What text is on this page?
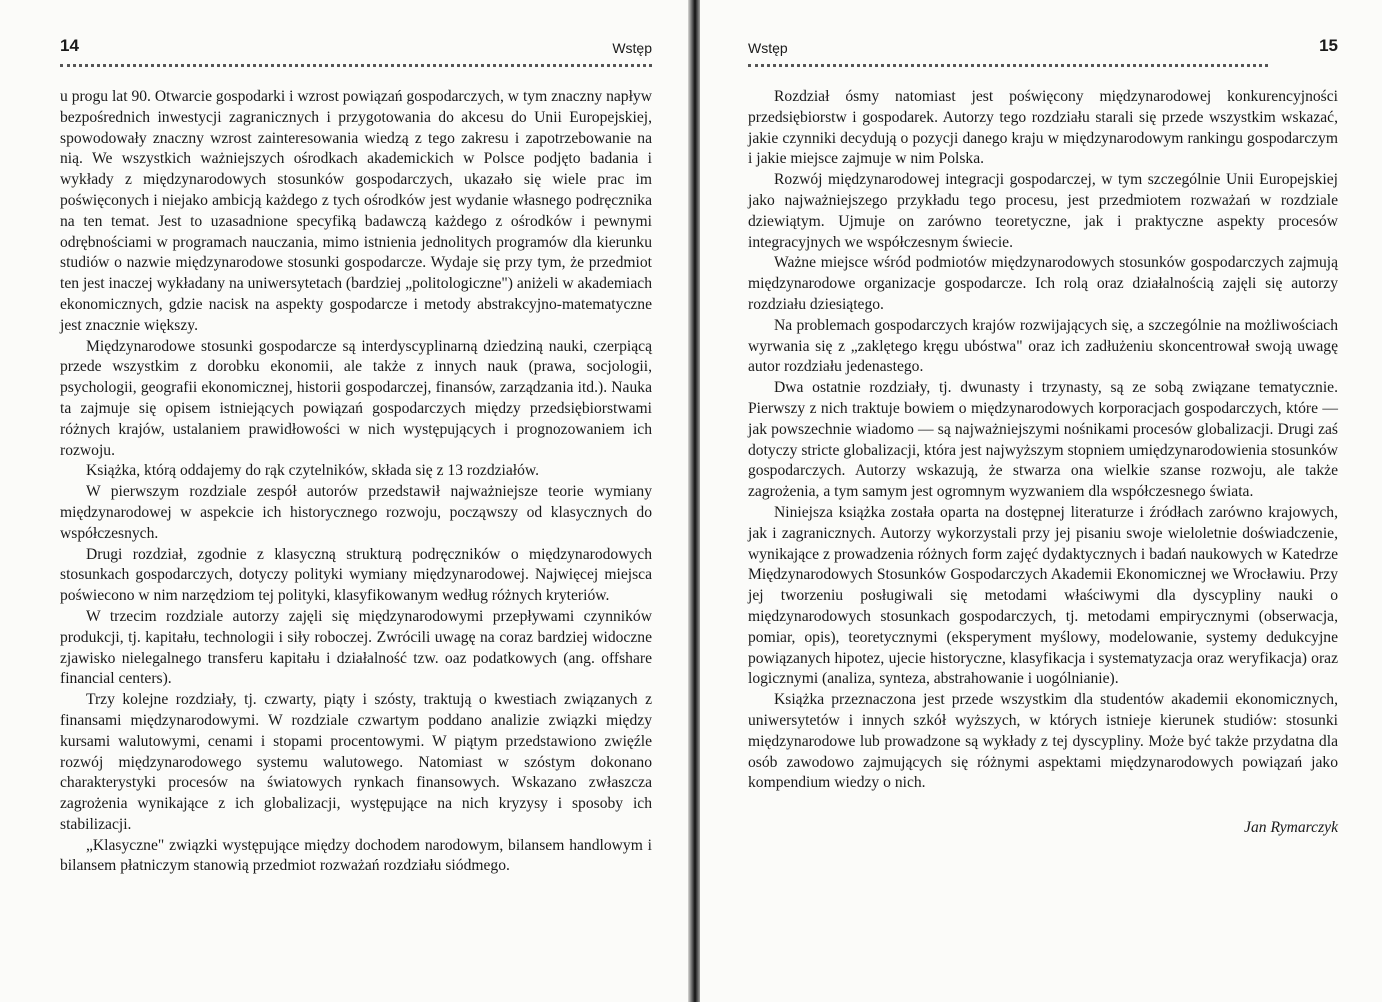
14	Wstęp

u progu lat 90. Otwarcie gospodarki i wzrost powiązań gospodarczych, w tym znaczny napływ bezpośrednich inwestycji zagranicznych i przygotowania do akcesu do Unii Europejskiej, spowodowały znaczny wzrost zainteresowania wiedzą z tego zakresu i zapotrzebowanie na nią. We wszystkich ważniejszych ośrodkach akademickich w Polsce podjęto badania i wykłady z międzynarodowych stosunków gospodarczych, ukazało się wiele prac im poświęconych i niejako ambicją każdego z tych ośrodków jest wydanie własnego podręcznika na ten temat. Jest to uzasadnione specyfiką badawczą każdego z ośrodków i pewnymi odrębnościami w programach nauczania, mimo istnienia jednolitych programów dla kierunku studiów o nazwie międzynarodowe stosunki gospodarcze. Wydaje się przy tym, że przedmiot ten jest inaczej wykładany na uniwersytetach (bardziej „politologiczne") aniżeli w akademiach ekonomicznych, gdzie nacisk na aspekty gospodarcze i metody abstrakcyjno-matematyczne jest znacznie większy.

Międzynarodowe stosunki gospodarcze są interdyscyplinarną dziedziną nauki, czerpiącą przede wszystkim z dorobku ekonomii, ale także z innych nauk (prawa, socjologii, psychologii, geografii ekonomicznej, historii gospodarczej, finansów, zarządzania itd.). Nauka ta zajmuje się opisem istniejących powiązań gospodarczych między przedsiębiorstwami różnych krajów, ustalaniem prawidłowości w nich występujących i prognozowaniem ich rozwoju.

Książka, którą oddajemy do rąk czytelników, składa się z 13 rozdziałów.

W pierwszym rozdziale zespół autorów przedstawił najważniejsze teorie wymiany międzynarodowej w aspekcie ich historycznego rozwoju, począwszy od klasycznych do współczesnych.

Drugi rozdział, zgodnie z klasyczną strukturą podręczników o międzynarodowych stosunkach gospodarczych, dotyczy polityki wymiany międzynarodowej. Najwięcej miejsca poświecono w nim narzędziom tej polityki, klasyfikowanym według różnych kryteriów.

W trzecim rozdziale autorzy zajęli się międzynarodowymi przepływami czynników produkcji, tj. kapitału, technologii i siły roboczej. Zwrócili uwagę na coraz bardziej widoczne zjawisko nielegalnego transferu kapitału i działalność tzw. oaz podatkowych (ang. offshare financial centers).

Trzy kolejne rozdziały, tj. czwarty, piąty i szósty, traktują o kwestiach związanych z finansami międzynarodowymi. W rozdziale czwartym poddano analizie związki między kursami walutowymi, cenami i stopami procentowymi. W piątym przedstawiono zwięźle rozwój międzynarodowego systemu walutowego. Natomiast w szóstym dokonano charakterystyki procesów na światowych rynkach finansowych. Wskazano zwłaszcza zagrożenia wynikające z ich globalizacji, występujące na nich kryzysy i sposoby ich stabilizacji.

„Klasyczne" związki występujące między dochodem narodowym, bilansem handlowym i bilansem płatniczym stanowią przedmiot rozważań rozdziału siódmego.

Wstęp	15

Rozdział ósmy natomiast jest poświęcony międzynarodowej konkurencyjności przedsiębiorstw i gospodarek. Autorzy tego rozdziału starali się przede wszystkim wskazać, jakie czynniki decydują o pozycji danego kraju w międzynarodowym rankingu gospodarczym i jakie miejsce zajmuje w nim Polska.

Rozwój międzynarodowej integracji gospodarczej, w tym szczególnie Unii Europejskiej jako najważniejszego przykładu tego procesu, jest przedmiotem rozważań w rozdziale dziewiątym. Ujmuje on zarówno teoretyczne, jak i praktyczne aspekty procesów integracyjnych we współczesnym świecie.

Ważne miejsce wśród podmiotów międzynarodowych stosunków gospodarczych zajmują międzynarodowe organizacje gospodarcze. Ich rolą oraz działalnością zajęli się autorzy rozdziału dziesiątego.

Na problemach gospodarczych krajów rozwijających się, a szczególnie na możliwościach wyrwania się z „zaklętego kręgu ubóstwa" oraz ich zadłużeniu skoncentrował swoją uwagę autor rozdziału jedenastego.

Dwa ostatnie rozdziały, tj. dwunasty i trzynasty, są ze sobą związane tematycznie. Pierwszy z nich traktuje bowiem o międzynarodowych korporacjach gospodarczych, które — jak powszechnie wiadomo — są najważniejszymi nośnikami procesów globalizacji. Drugi zaś dotyczy stricte globalizacji, która jest najwyższym stopniem umiędzynarodowienia stosunków gospodarczych. Autorzy wskazują, że stwarza ona wielkie szanse rozwoju, ale także zagrożenia, a tym samym jest ogromnym wyzwaniem dla współczesnego świata.

Niniejsza książka została oparta na dostępnej literaturze i źródłach zarówno krajowych, jak i zagranicznych. Autorzy wykorzystali przy jej pisaniu swoje wieloletnie doświadczenie, wynikające z prowadzenia różnych form zajęć dydaktycznych i badań naukowych w Katedrze Międzynarodowych Stosunków Gospodarczych Akademii Ekonomicznej we Wrocławiu. Przy jej tworzeniu posługiwali się metodami właściwymi dla dyscypliny nauki o międzynarodowych stosunkach gospodarczych, tj. metodami empirycznymi (obserwacja, pomiar, opis), teoretycznymi (eksperyment myślowy, modelowanie, systemy dedukcyjne powiązanych hipotez, ujecie historyczne, klasyfikacja i systematyzacja oraz weryfikacja) oraz logicznymi (analiza, synteza, abstrahowanie i uogólnianie).

Książka przeznaczona jest przede wszystkim dla studentów akademii ekonomicznych, uniwersytetów i innych szkół wyższych, w których istnieje kierunek studiów: stosunki międzynarodowe lub prowadzone są wykłady z tej dyscypliny. Może być także przydatna dla osób zawodowo zajmujących się różnymi aspektami międzynarodowych powiązań jako kompendium wiedzy o nich.

Jan Rymarczyk
